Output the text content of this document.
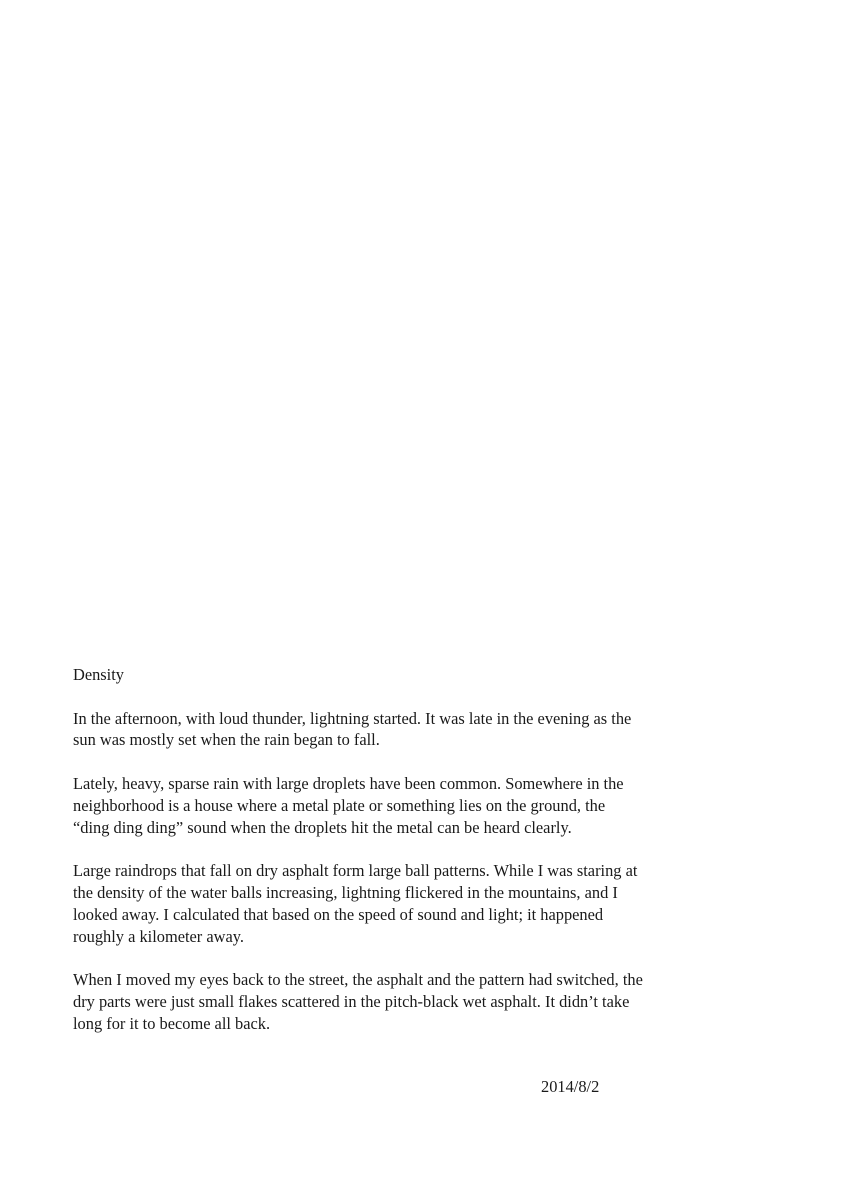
Density

In the afternoon, with loud thunder, lightning started. It was late in the evening as the sun was mostly set when the rain began to fall.

Lately, heavy, sparse rain with large droplets have been common. Somewhere in the neighborhood is a house where a metal plate or something lies on the ground, the “ding ding ding” sound when the droplets hit the metal can be heard clearly.

Large raindrops that fall on dry asphalt form large ball patterns. While I was staring at the density of the water balls increasing, lightning flickered in the mountains, and I looked away. I calculated that based on the speed of sound and light; it happened roughly a kilometer away.

When I moved my eyes back to the street, the asphalt and the pattern had switched, the dry parts were just small flakes scattered in the pitch-black wet asphalt. It didn’t take long for it to become all back.

2014/8/2
